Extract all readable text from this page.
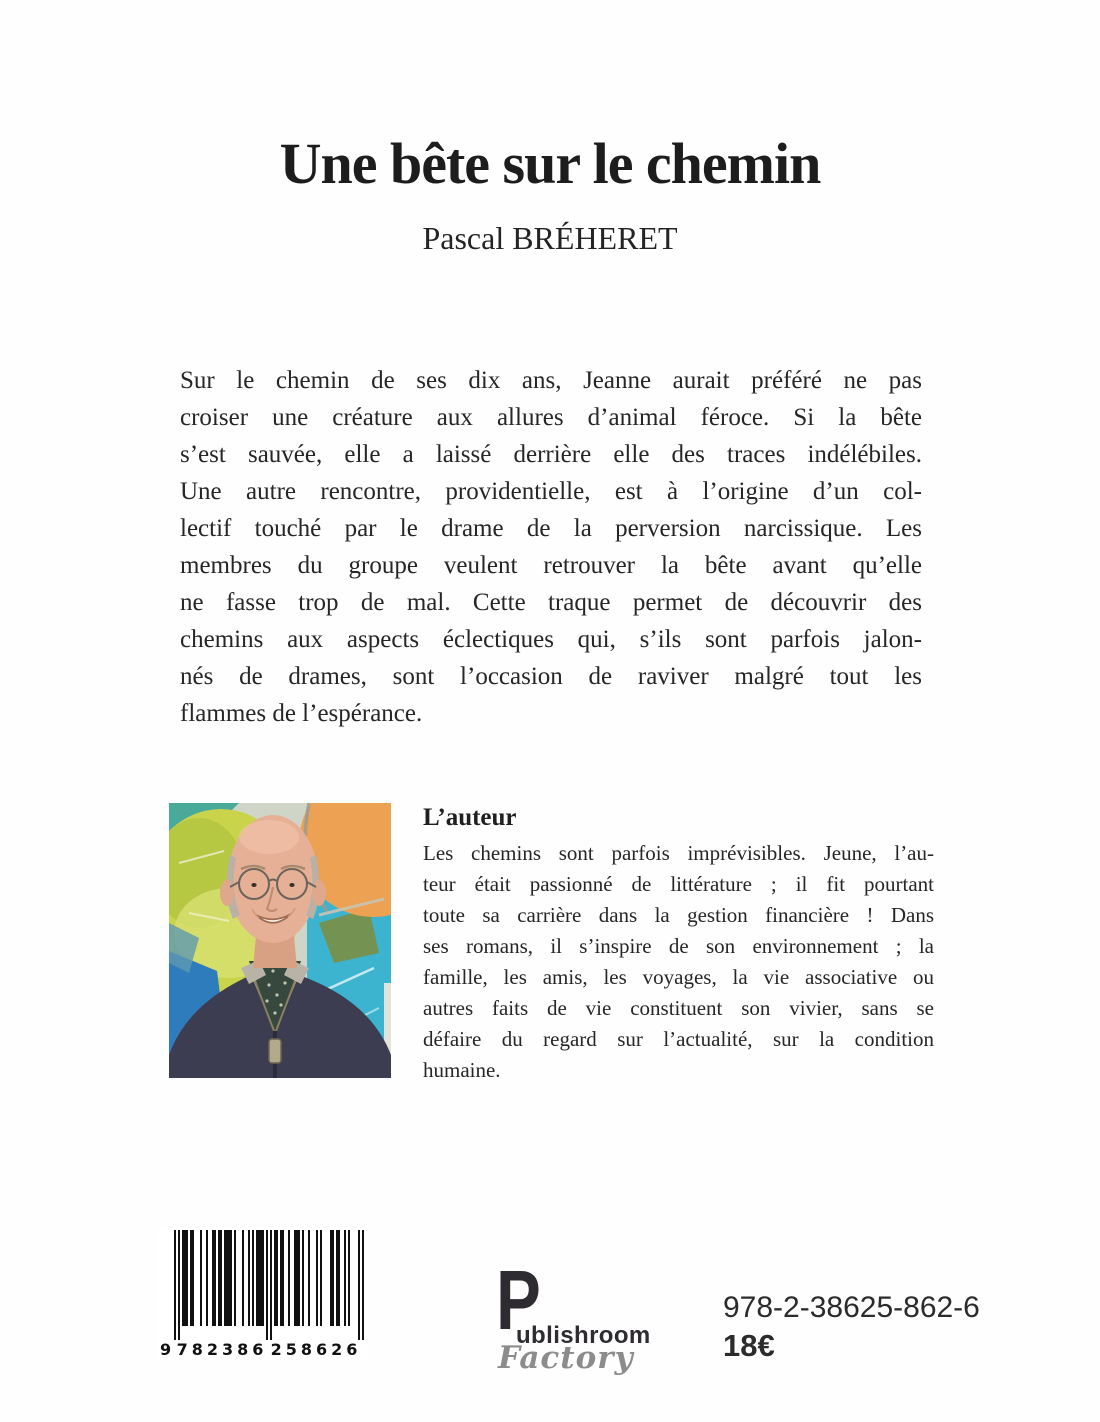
Une bête sur le chemin
Pascal BRÉHERET
Sur le chemin de ses dix ans, Jeanne aurait préféré ne pas
croiser une créature aux allures d’animal féroce. Si la bête
s’est sauvée, elle a laissé derrière elle des traces indélébiles.
Une autre rencontre, providentielle, est à l’origine d’un col-
lectif touché par le drame de la perversion narcissique. Les
membres du groupe veulent retrouver la bête avant qu’elle
ne fasse trop de mal. Cette traque permet de découvrir des
chemins aux aspects éclectiques qui, s’ils sont parfois jalon-
nés de drames, sont l’occasion de raviver malgré tout les
flammes de l’espérance.
L’auteur
Les chemins sont parfois imprévisibles. Jeune, l’au-
teur était passionné de littérature ; il fit pourtant
toute sa carrière dans la gestion financière ! Dans
ses romans, il s’inspire de son environnement ; la
famille, les amis, les voyages, la vie associative ou
autres faits de vie constituent son vivier, sans se
défaire du regard sur l’actualité, sur la condition
humaine.
9 782386 258626
P
ublishroom
Factory
978-2-38625-862-6
18€
